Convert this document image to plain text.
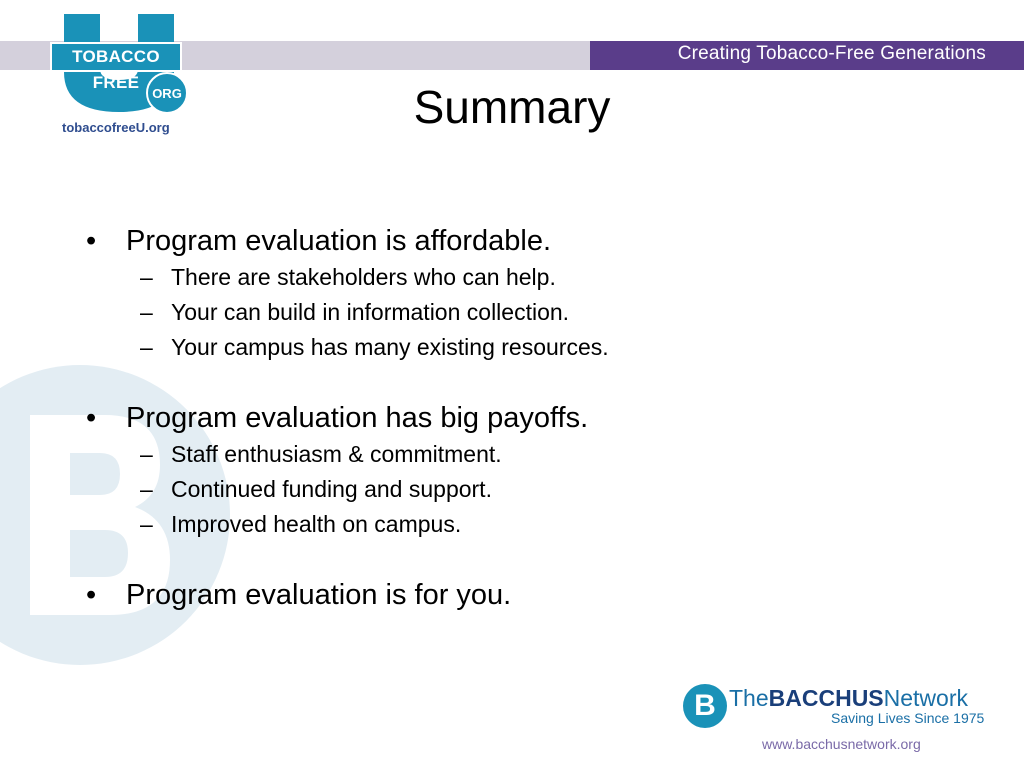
Creating Tobacco-Free Generations
TOBACCO FREE
ORG
tobaccofreeU.org	Summary
•	Program evaluation is affordable.
– There are stakeholders who can help.
– Your can build in information collection.
– Your campus has many existing resources.
•	Program evaluation has big payoffs.
– Staff enthusiasm & commitment.
– Continued funding and support.
– Improved health on campus.
•	Program evaluation is for you.
B TheBACCHUSNetwork
Saving Lives Since 1975
www.bacchusnetwork.org
